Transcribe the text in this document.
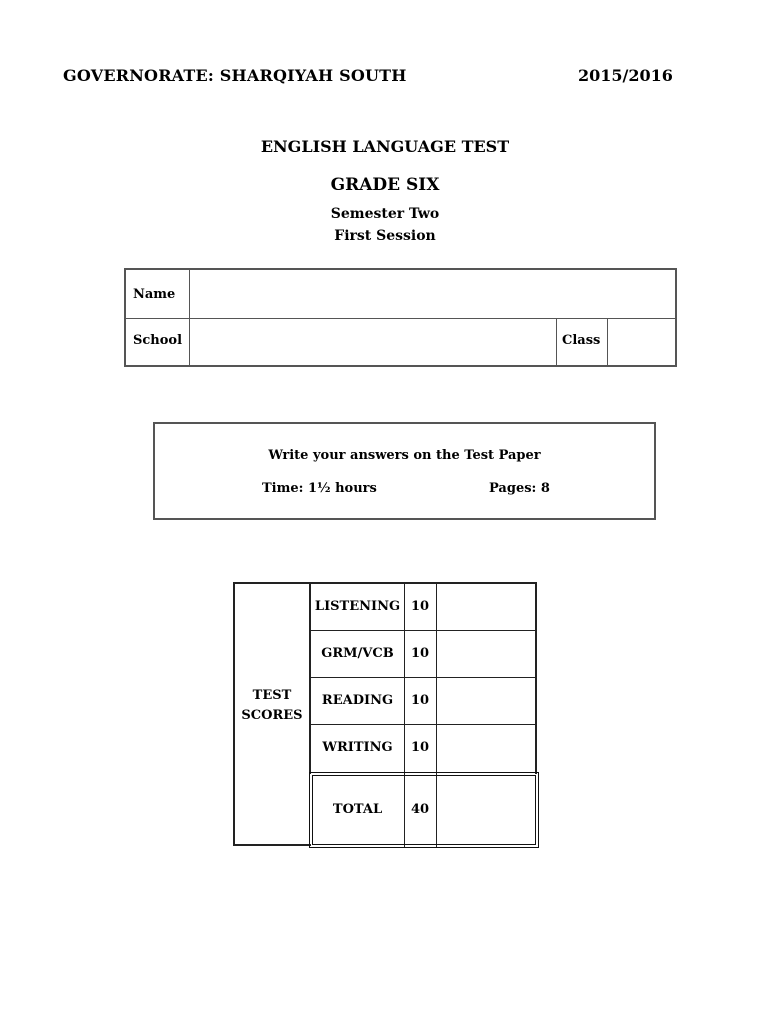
GOVERNORATE: SHARQIYAH SOUTH	2015/2016
ENGLISH LANGUAGE TEST
GRADE SIX
Semester Two
First Session
Name
School	Class
Write your answers on the Test Paper
Time: 1½ hours	Pages: 8
TEST
SCORES
LISTENING 10
GRM/VCB	10
READING	10
WRITING	10
TOTAL	40
